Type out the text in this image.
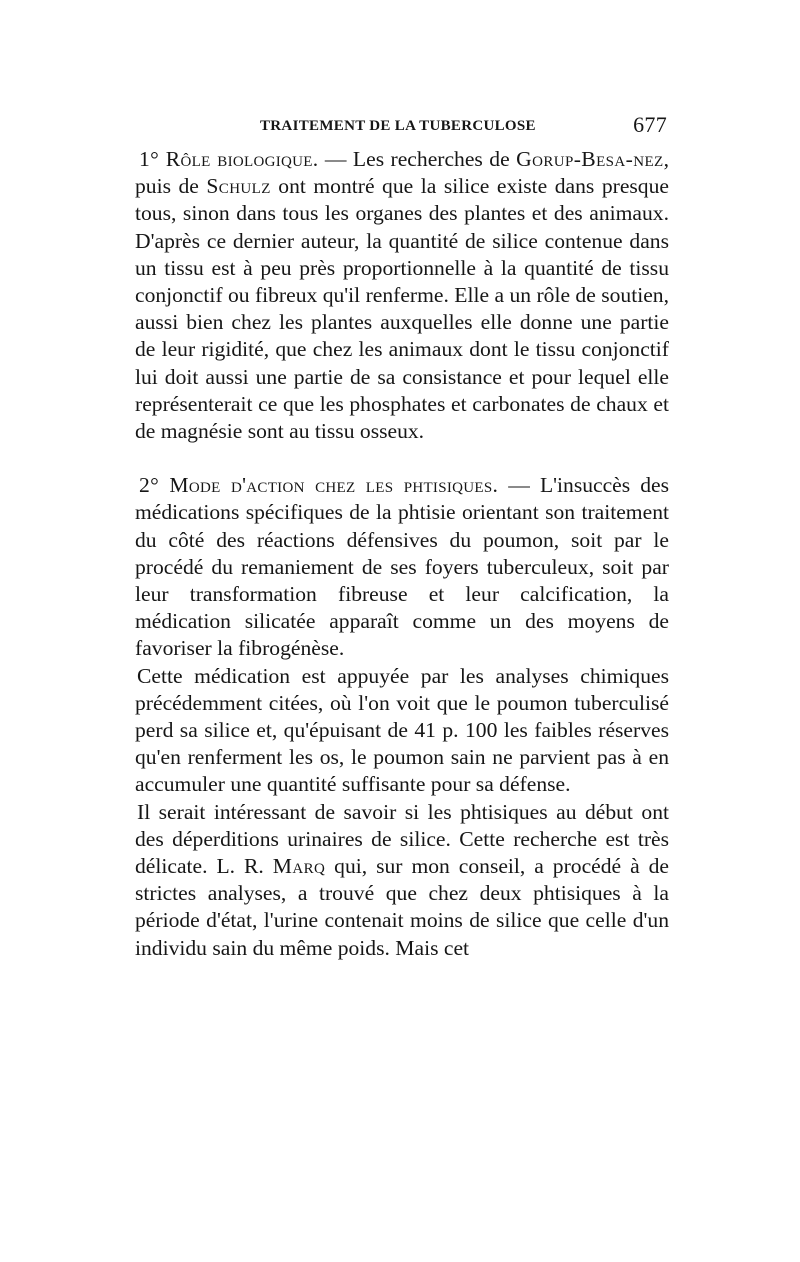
TRAITEMENT DE LA TUBERCULOSE	677

1° Rôle biologique. — Les recherches de Gorup-Besa-nez, puis de Schulz ont montré que la silice existe dans presque tous, sinon dans tous les organes des plantes et des animaux. D'après ce dernier auteur, la quantité de silice contenue dans un tissu est à peu près proportionnelle à la quantité de tissu conjonctif ou fibreux qu'il renferme. Elle a un rôle de soutien, aussi bien chez les plantes auxquelles elle donne une partie de leur rigidité, que chez les animaux dont le tissu conjonctif lui doit aussi une partie de sa consistance et pour lequel elle représenterait ce que les phosphates et carbonates de chaux et de magnésie sont au tissu osseux.

2° Mode d'action chez les phtisiques. — L'insuccès des médications spécifiques de la phtisie orientant son traitement du côté des réactions défensives du poumon, soit par le procédé du remaniement de ses foyers tuberculeux, soit par leur transformation fibreuse et leur calcification, la médication silicatée apparaît comme un des moyens de favoriser la fibrogénèse.

Cette médication est appuyée par les analyses chimiques précédemment citées, où l'on voit que le poumon tuberculisé perd sa silice et, qu'épuisant de 41 p. 100 les faibles réserves qu'en renferment les os, le poumon sain ne parvient pas à en accumuler une quantité suffisante pour sa défense.

Il serait intéressant de savoir si les phtisiques au début ont des déperditions urinaires de silice. Cette recherche est très délicate. L. R. Marq qui, sur mon conseil, a procédé à de strictes analyses, a trouvé que chez deux phtisiques à la période d'état, l'urine contenait moins de silice que celle d'un individu sain du même poids. Mais cet
